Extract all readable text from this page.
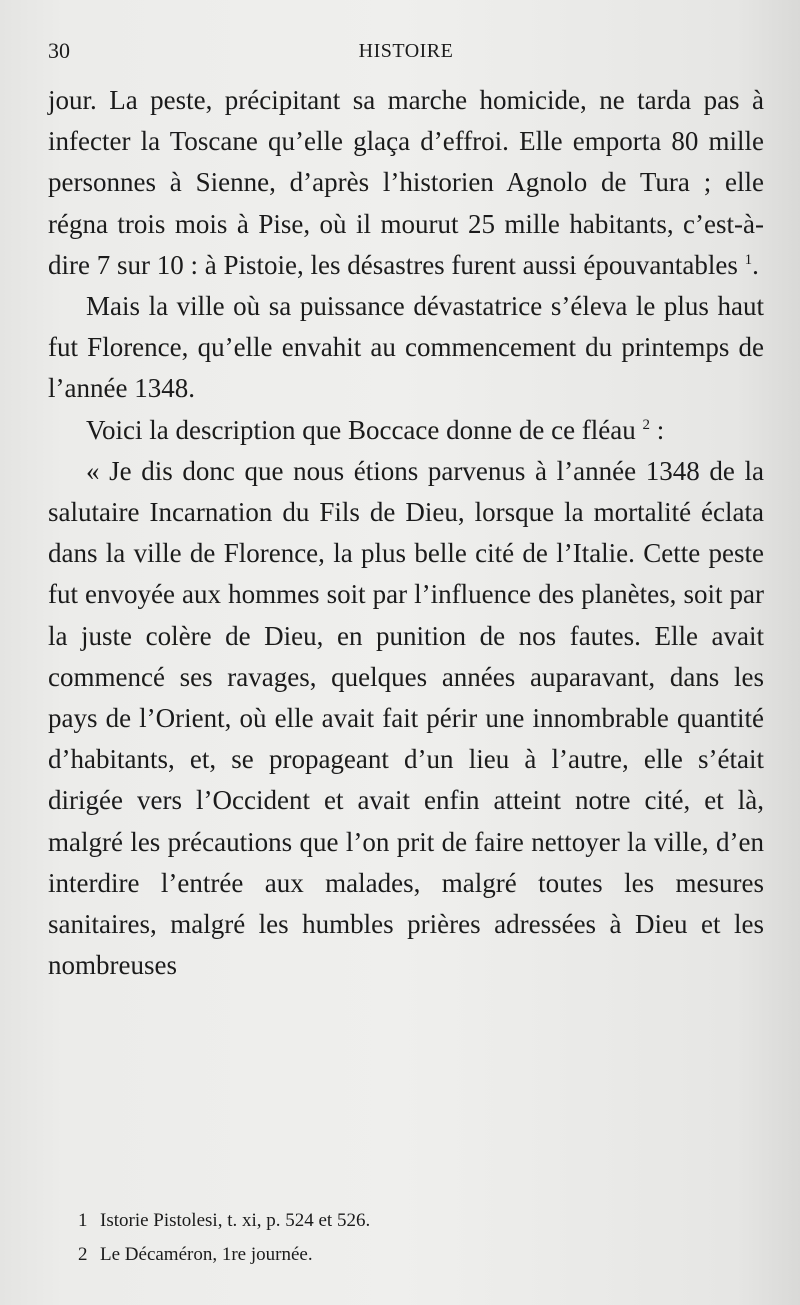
30	HISTOIRE

jour. La peste, précipitant sa marche homicide, ne tarda pas à infecter la Toscane qu’elle glaça d’effroi. Elle emporta 80 mille personnes à Sienne, d’après l’historien Agnolo de Tura ; elle régna trois mois à Pise, où il mourut 25 mille habitants, c’est-à-dire 7 sur 10 : à Pistoie, les désastres furent aussi épouvantables $^1$.

Mais la ville où sa puissance dévastatrice s’éleva le plus haut fut Florence, qu’elle envahit au commencement du printemps de l’année 1348.

Voici la description que Boccace donne de ce fléau $^2$ :

« Je dis donc que nous étions parvenus à l’année 1348 de la salutaire Incarnation du Fils de Dieu, lorsque la mortalité éclata dans la ville de Florence, la plus belle cité de l’Italie. Cette peste fut envoyée aux hommes soit par l’influence des planètes, soit par la juste colère de Dieu, en punition de nos fautes. Elle avait commencé ses ravages, quelques années auparavant, dans les pays de l’Orient, où elle avait fait périr une innombrable quantité d’habitants, et, se propageant d’un lieu à l’autre, elle s’était dirigée vers l’Occident et avait enfin atteint notre cité, et là, malgré les précautions que l’on prit de faire nettoyer la ville, d’en interdire l’entrée aux malades, malgré toutes les mesures sanitaires, malgré les humbles prières adressées à Dieu et les nombreuses

1 Istorie Pistolesi, t. xi, p. 524 et 526.
2 Le Décaméron, 1re journée.
